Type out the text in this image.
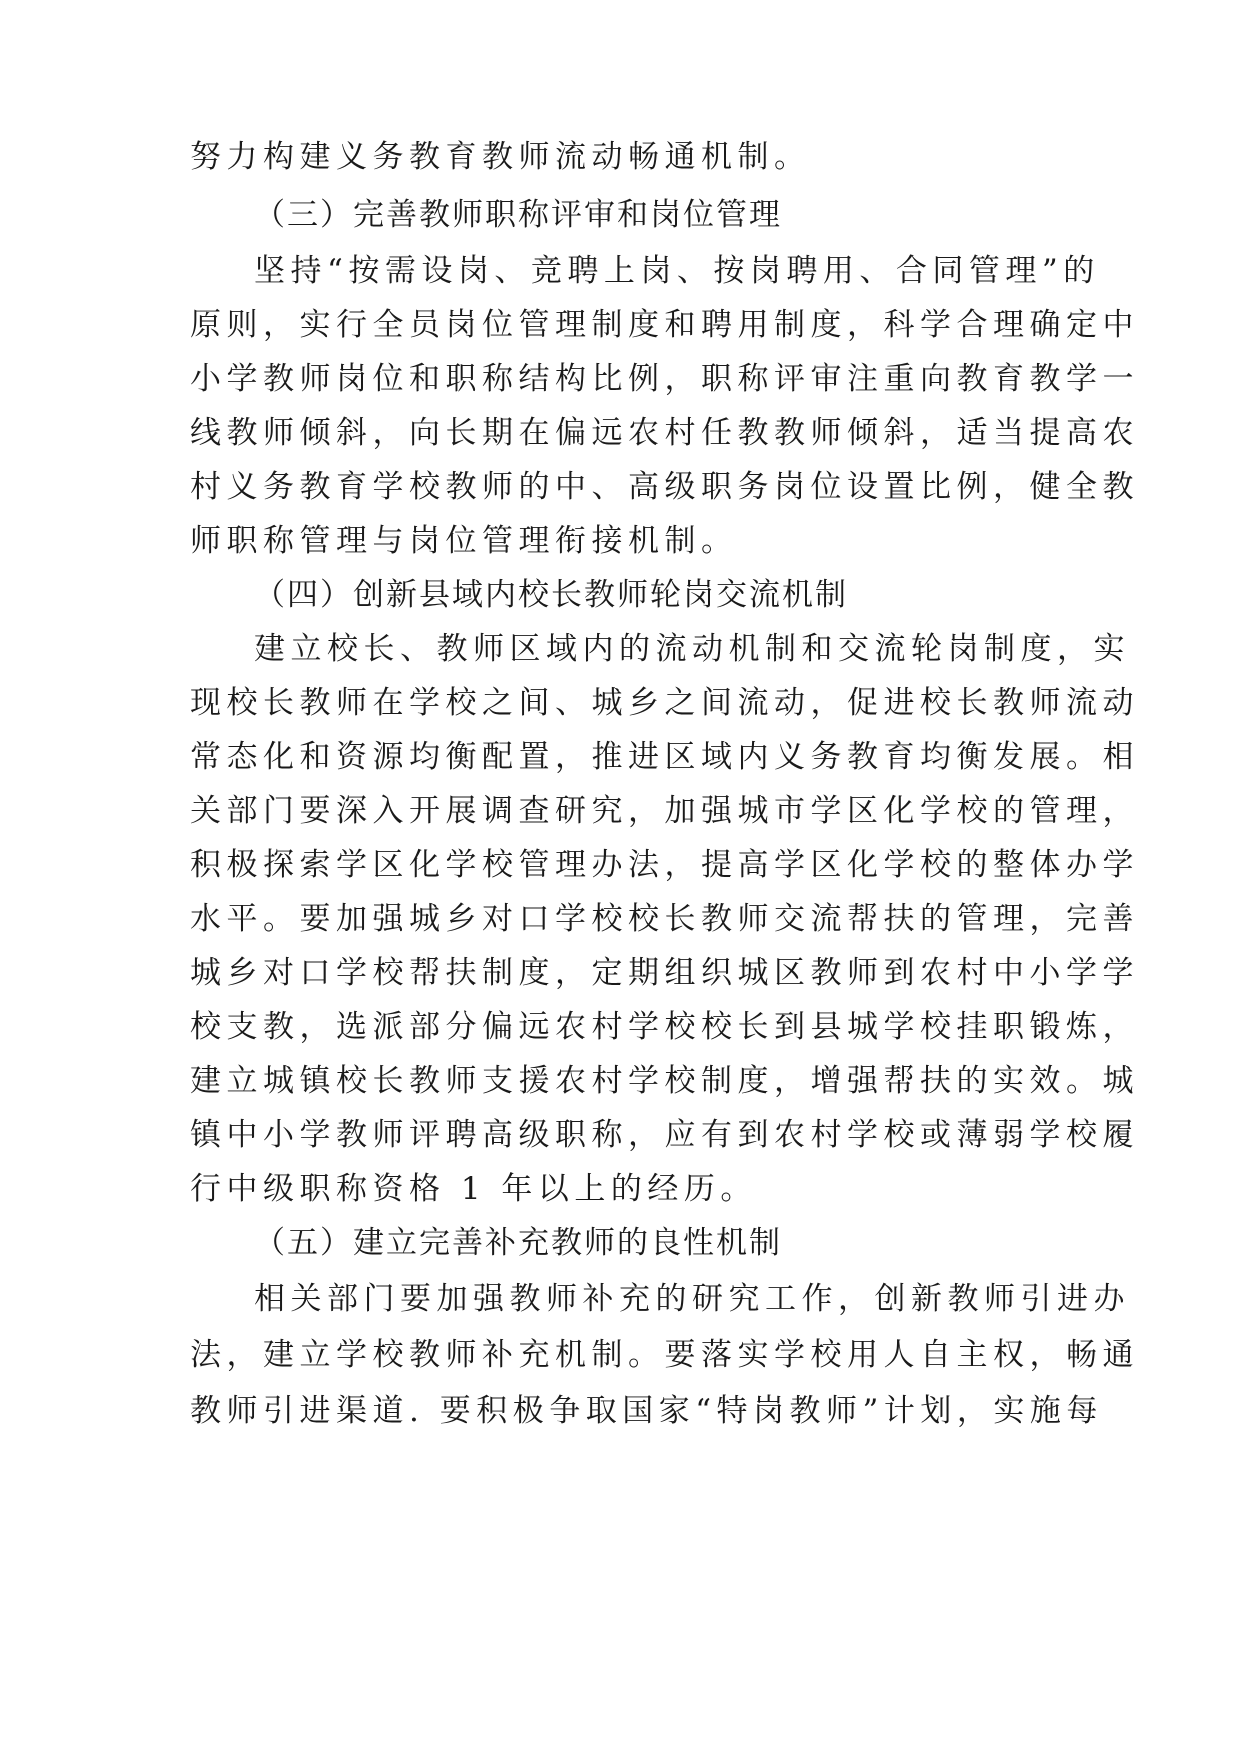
努力构建义务教育教师流动畅通机制。
（三）完善教师职称评审和岗位管理
坚持“按需设岗、竞聘上岗、按岗聘用、合同管理”的
原则，实行全员岗位管理制度和聘用制度，科学合理确定中
小学教师岗位和职称结构比例，职称评审注重向教育教学一
线教师倾斜，向长期在偏远农村任教教师倾斜，适当提高农
村义务教育学校教师的中、高级职务岗位设置比例，健全教
师职称管理与岗位管理衔接机制。
（四）创新县域内校长教师轮岗交流机制
建立校长、教师区域内的流动机制和交流轮岗制度，实
现校长教师在学校之间、城乡之间流动，促进校长教师流动
常态化和资源均衡配置，推进区域内义务教育均衡发展。相
关部门要深入开展调查研究，加强城市学区化学校的管理，
积极探索学区化学校管理办法，提高学区化学校的整体办学
水平。要加强城乡对口学校校长教师交流帮扶的管理，完善
城乡对口学校帮扶制度，定期组织城区教师到农村中小学学
校支教，选派部分偏远农村学校校长到县城学校挂职锻炼，
建立城镇校长教师支援农村学校制度，增强帮扶的实效。城
镇中小学教师评聘高级职称，应有到农村学校或薄弱学校履
行中级职称资格 1 年以上的经历。
（五）建立完善补充教师的良性机制
相关部门要加强教师补充的研究工作，创新教师引进办
法，建立学校教师补充机制。要落实学校用人自主权，畅通
教师引进渠道. 要积极争取国家“特岗教师”计划，实施每
